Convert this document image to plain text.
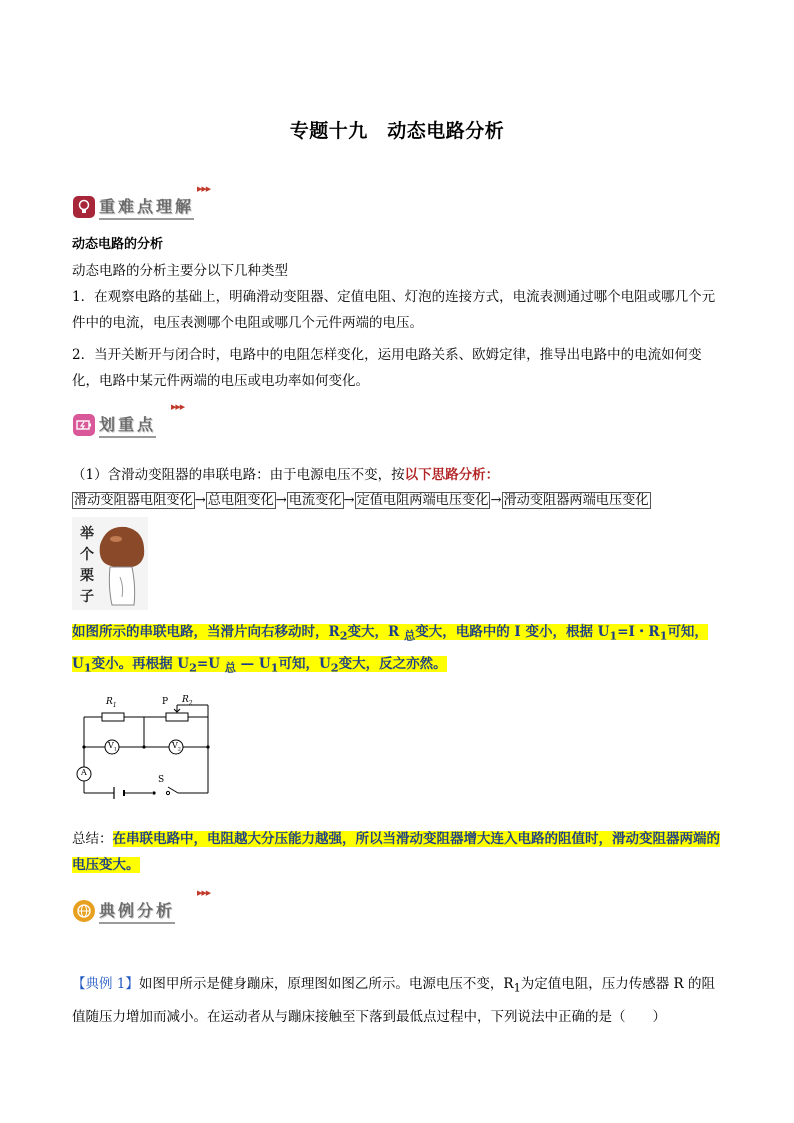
专题十九　动态电路分析
重难点理解
▶▶▶
动态电路的分析
动态电路的分析主要分以下几种类型
1．在观察电路的基础上，明确滑动变阻器、定值电阻、灯泡的连接方式，电流表测通过哪个电阻或哪几个元件中的电流，电压表测哪个电阻或哪几个元件两端的电压。
2．当开关断开与闭合时，电路中的电阻怎样变化，运用电路关系、欧姆定律，推导出电路中的电流如何变化，电路中某元件两端的电压或电功率如何变化。
划重点
▶▶▶
（1）含滑动变阻器的串联电路：由于电源电压不变，按以下思路分析：
滑动变阻器电阻变化 → 总电阻变化 → 电流变化 → 定值电阻两端电压变化 → 滑动变阻器两端电压变化
举
个
栗
子
如图所示的串联电路，当滑片向右移动时，$R_2$变大，R $_总$变大，电路中的 I 变小，根据 $U_1=I$・$R_1$可知，$U_1$变小。再根据 $U_2=U$ $_总$ — $U_1$可知，$U_2$变大，反之亦然。
$R_1$	P $R_2$
$V_1$	$V_2$
A
S
总结：在串联电路中，电阻越大分压能力越强，所以当滑动变阻器增大连入电路的阻值时，滑动变阻器两端的电压变大。
典例分析
▶▶▶
【典例 1】如图甲所示是健身蹦床，原理图如图乙所示。电源电压不变，$R_1$为定值电阻，压力传感器 R 的阻值随压力增加而减小。在运动者从与蹦床接触至下落到最低点过程中，下列说法中正确的是（　　）
